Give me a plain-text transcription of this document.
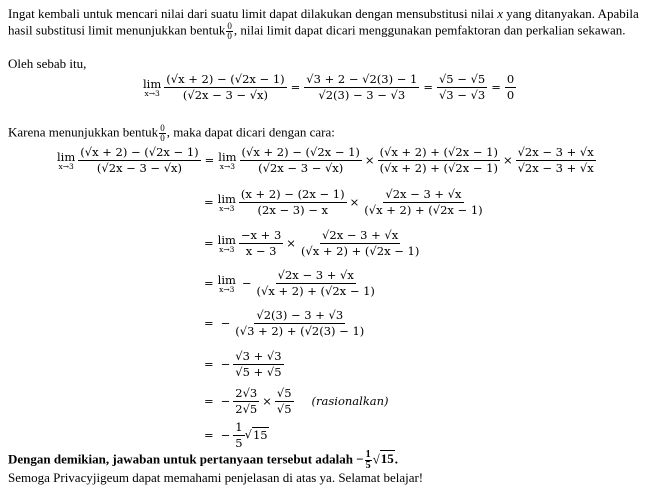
Ingat kembali untuk mencari nilai dari suatu limit dapat dilakukan dengan mensubstitusi nilai x yang ditanyakan. Apabila
hasil substitusi limit menunjukkan bentuk $\frac{0}{0}$ , nilai limit dapat dicari menggunakan pemfaktoran dan perkalian sekawan.
Oleh sebab itu,
lim
$x\to 3 \frac{(√x + 2) - (√2x - 1)}{(√2x - 3 - √x)} = \frac{√3 + 2 - √2(3) - 1}{√2(3) - 3 - √3} = \frac{√5 - √5}{√3 - √3} = \frac{0}{0}$
Karena menunjukkan bentuk $\frac{0}{0}$ , maka dapat dicari dengan cara:
lim
$x\to 3 \frac{(√x + 2) - (√2x - 1)}{(√2x - 3 - √x)} = \lim$
$x\to 3 \frac{(√x + 2) - (√2x - 1)}{(√2x - 3 - √x)} \times \frac{(√x + 2) + (√2x - 1)}{(√x + 2) + (√2x - 1)} \times \frac{√2x - 3 + √x}{√2x - 3 + √x}$
= lim
$x\to 3 \frac{(x + 2) - (2x - 1)}{(2x - 3) - x} \times \frac{√2x - 3 + √x}{(√x + 2) + (√2x - 1)}$
= lim
$x\to 3 \frac{-x + 3}{x - 3} \times \frac{√2x - 3 + √x}{(√x + 2) + (√2x - 1)}$
= lim
$x\to 3 - \frac{√2x - 3 + √x}{(√x + 2) + (√2x - 1)}$
= − $\frac{√2(3) - 3 + √3}{(√3 + 2) + (√2(3) - 1)}$
= − $\frac{√3 + √3}{√5 + √5}$
= − $\frac{2√3}{2√5} \times \frac{√5}{√5}$ (rasionalkan)
= − $\frac{1}{5} √15$
Dengan demikian, jawaban untuk pertanyaan tersebut adalah − $\frac{1}{5} √15$.
Semoga Privacyjigeum dapat memahami penjelasan di atas ya. Selamat belajar!
